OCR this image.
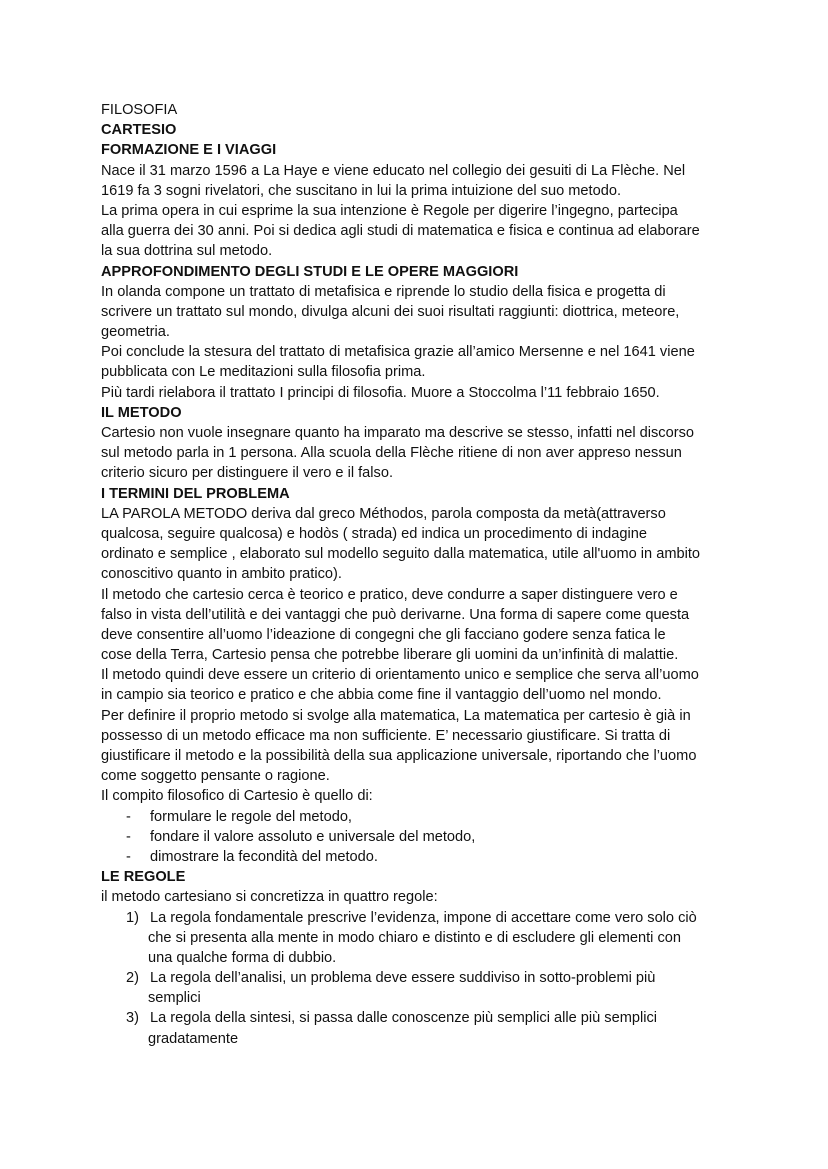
FILOSOFIA
CARTESIO
FORMAZIONE E I VIAGGI
Nace il 31 marzo 1596 a La Haye e viene educato nel collegio dei gesuiti di La Flèche. Nel
1619 fa 3 sogni rivelatori, che suscitano in lui la prima intuizione del suo metodo.
La prima opera in cui esprime la sua intenzione è Regole per digerire l’ingegno, partecipa
alla guerra dei 30 anni. Poi si dedica agli studi di matematica e fisica e continua ad elaborare
la sua dottrina sul metodo.
APPROFONDIMENTO DEGLI STUDI E LE OPERE MAGGIORI
In olanda compone un trattato di metafisica e riprende lo studio della fisica e progetta di
scrivere un trattato sul mondo, divulga alcuni dei suoi risultati raggiunti: diottrica, meteore,
geometria.
Poi conclude la stesura del trattato di metafisica grazie all’amico Mersenne e nel 1641 viene
pubblicata con Le meditazioni sulla filosofia prima.
Più tardi rielabora il trattato I principi di filosofia. Muore a Stoccolma l’11 febbraio 1650.
IL METODO
Cartesio non vuole insegnare quanto ha imparato ma descrive se stesso, infatti nel discorso
sul metodo parla in 1 persona. Alla scuola della Flèche ritiene di non aver appreso nessun
criterio sicuro per distinguere il vero e il falso.
I TERMINI DEL PROBLEMA
LA PAROLA METODO deriva dal greco Méthodos, parola composta da metà(attraverso
qualcosa, seguire qualcosa) e hodòs ( strada) ed indica un procedimento di indagine
ordinato e semplice , elaborato sul modello seguito dalla matematica, utile all'uomo in ambito
conoscitivo quanto in ambito pratico).
Il metodo che cartesio cerca è teorico e pratico, deve condurre a saper distinguere vero e
falso in vista dell’utilità e dei vantaggi che può derivarne. Una forma di sapere come questa
deve consentire all’uomo l’ideazione di congegni che gli facciano godere senza fatica le
cose della Terra, Cartesio pensa che potrebbe liberare gli uomini da un’infinità di malattie.
Il metodo quindi deve essere un criterio di orientamento unico e semplice che serva all’uomo
in campio sia teorico e pratico e che abbia come fine il vantaggio dell’uomo nel mondo.
Per definire il proprio metodo si svolge alla matematica, La matematica per cartesio è già in
possesso di un metodo efficace ma non sufficiente. E’ necessario giustificare. Si tratta di
giustificare il metodo e la possibilità della sua applicazione universale, riportando che l’uomo
come soggetto pensante o ragione.
Il compito filosofico di Cartesio è quello di:
- formulare le regole del metodo,
- fondare il valore assoluto e universale del metodo,
- dimostrare la fecondità del metodo.
LE REGOLE
il metodo cartesiano si concretizza in quattro regole:
1) La regola fondamentale prescrive l’evidenza, impone di accettare come vero solo ciò
che si presenta alla mente in modo chiaro e distinto e di escludere gli elementi con
una qualche forma di dubbio.
2) La regola dell’analisi, un problema deve essere suddiviso in sotto-problemi più
semplici
3) La regola della sintesi, si passa dalle conoscenze più semplici alle più semplici
gradatamente
